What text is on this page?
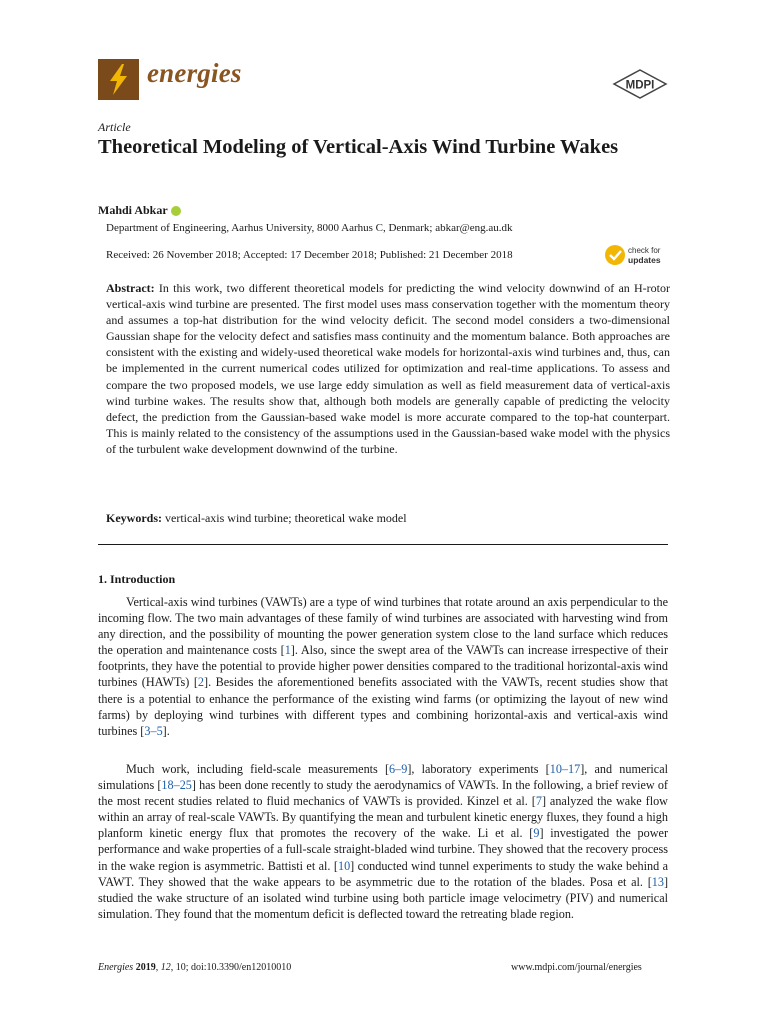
energies	MDPI
Article
Theoretical Modeling of Vertical-Axis Wind Turbine Wakes
Mahdi Abkar
Department of Engineering, Aarhus University, 8000 Aarhus C, Denmark; abkar@eng.au.dk
Received: 26 November 2018; Accepted: 17 December 2018; Published: 21 December 2018	check for
updates
Abstract: In this work, two different theoretical models for predicting the wind velocity downwind of an H-rotor vertical-axis wind turbine are presented. The first model uses mass conservation together with the momentum theory and assumes a top-hat distribution for the wind velocity deficit. The second model considers a two-dimensional Gaussian shape for the velocity defect and satisfies mass continuity and the momentum balance. Both approaches are consistent with the existing and widely-used theoretical wake models for horizontal-axis wind turbines and, thus, can be implemented in the current numerical codes utilized for optimization and real-time applications. To assess and compare the two proposed models, we use large eddy simulation as well as field measurement data of vertical-axis wind turbine wakes. The results show that, although both models are generally capable of predicting the velocity defect, the prediction from the Gaussian-based wake model is more accurate compared to the top-hat counterpart. This is mainly related to the consistency of the assumptions used in the Gaussian-based wake model with the physics of the turbulent wake development downwind of the turbine.
Keywords: vertical-axis wind turbine; theoretical wake model
1. Introduction
Vertical-axis wind turbines (VAWTs) are a type of wind turbines that rotate around an axis perpendicular to the incoming flow. The two main advantages of these family of wind turbines are associated with harvesting wind from any direction, and the possibility of mounting the power generation system close to the land surface which reduces the operation and maintenance costs [1]. Also, since the swept area of the VAWTs can increase irrespective of their footprints, they have the potential to provide higher power densities compared to the traditional horizontal-axis wind turbines (HAWTs) [2]. Besides the aforementioned benefits associated with the VAWTs, recent studies show that there is a potential to enhance the performance of the existing wind farms (or optimizing the layout of new wind farms) by deploying wind turbines with different types and combining horizontal-axis and vertical-axis wind turbines [3–5].
Much work, including field-scale measurements [6–9], laboratory experiments [10–17], and numerical simulations [18–25] has been done recently to study the aerodynamics of VAWTs. In the following, a brief review of the most recent studies related to fluid mechanics of VAWTs is provided. Kinzel et al. [7] analyzed the wake flow within an array of real-scale VAWTs. By quantifying the mean and turbulent kinetic energy fluxes, they found a high planform kinetic energy flux that promotes the recovery of the wake. Li et al. [9] investigated the power performance and wake properties of a full-scale straight-bladed wind turbine. They showed that the recovery process in the wake region is asymmetric. Battisti et al. [10] conducted wind tunnel experiments to study the wake behind a VAWT. They showed that the wake appears to be asymmetric due to the rotation of the blades. Posa et al. [13] studied the wake structure of an isolated wind turbine using both particle image velocimetry (PIV) and numerical simulation. They found that the momentum deficit is deflected toward the retreating blade region.
Energies 2019, 12, 10; doi:10.3390/en12010010	www.mdpi.com/journal/energies
